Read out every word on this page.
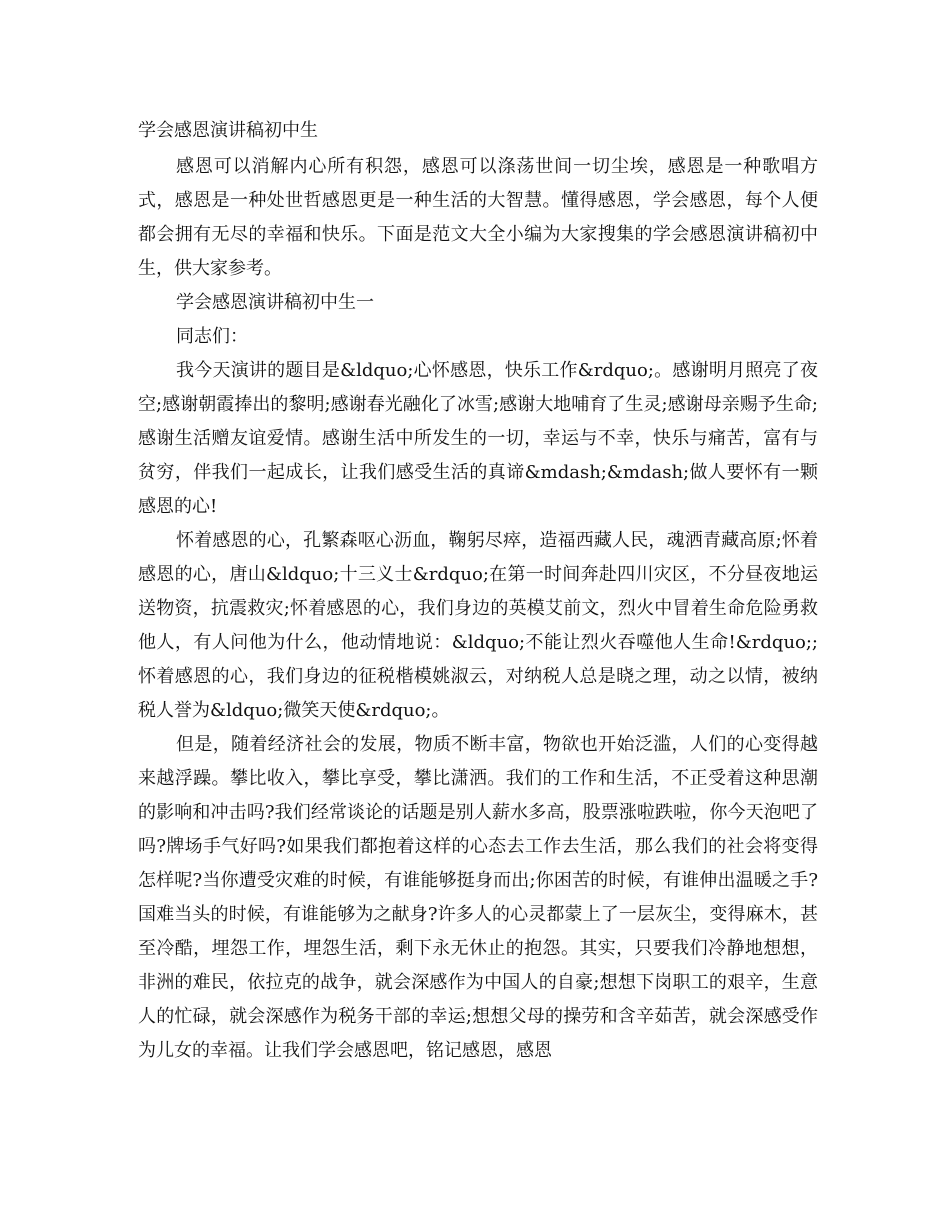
学会感恩演讲稿初中生

感恩可以消解内心所有积怨，感恩可以涤荡世间一切尘埃，感恩是一种歌唱方式，感恩是一种处世哲感恩更是一种生活的大智慧。懂得感恩，学会感恩，每个人便都会拥有无尽的幸福和快乐。下面是范文大全小编为大家搜集的学会感恩演讲稿初中生，供大家参考。

学会感恩演讲稿初中生一

同志们：

我今天演讲的题目是&ldquo;心怀感恩，快乐工作&rdquo;。感谢明月照亮了夜空;感谢朝霞捧出的黎明;感谢春光融化了冰雪;感谢大地哺育了生灵;感谢母亲赐予生命;感谢生活赠友谊爱情。感谢生活中所发生的一切，幸运与不幸，快乐与痛苦，富有与贫穷，伴我们一起成长，让我们感受生活的真谛&mdash;&mdash;做人要怀有一颗感恩的心!

怀着感恩的心，孔繁森呕心沥血，鞠躬尽瘁，造福西藏人民，魂洒青藏高原;怀着感恩的心，唐山&ldquo;十三义士&rdquo;在第一时间奔赴四川灾区，不分昼夜地运送物资，抗震救灾;怀着感恩的心，我们身边的英模艾前文，烈火中冒着生命危险勇救他人，有人问他为什么，他动情地说：&ldquo;不能让烈火吞噬他人生命!&rdquo;;怀着感恩的心，我们身边的征税楷模姚淑云，对纳税人总是晓之理，动之以情，被纳税人誉为&ldquo;微笑天使&rdquo;。

但是，随着经济社会的发展，物质不断丰富，物欲也开始泛滥，人们的心变得越来越浮躁。攀比收入，攀比享受，攀比潇洒。我们的工作和生活，不正受着这种思潮的影响和冲击吗?我们经常谈论的话题是别人薪水多高，股票涨啦跌啦，你今天泡吧了吗?牌场手气好吗?如果我们都抱着这样的心态去工作去生活，那么我们的社会将变得怎样呢?当你遭受灾难的时候，有谁能够挺身而出;你困苦的时候，有谁伸出温暖之手?国难当头的时候，有谁能够为之献身?许多人的心灵都蒙上了一层灰尘，变得麻木，甚至冷酷，埋怨工作，埋怨生活，剩下永无休止的抱怨。其实，只要我们冷静地想想，非洲的难民，依拉克的战争，就会深感作为中国人的自豪;想想下岗职工的艰辛，生意人的忙碌，就会深感作为税务干部的幸运;想想父母的操劳和含辛茹苦，就会深感受作为儿女的幸福。让我们学会感恩吧，铭记感恩，感恩
